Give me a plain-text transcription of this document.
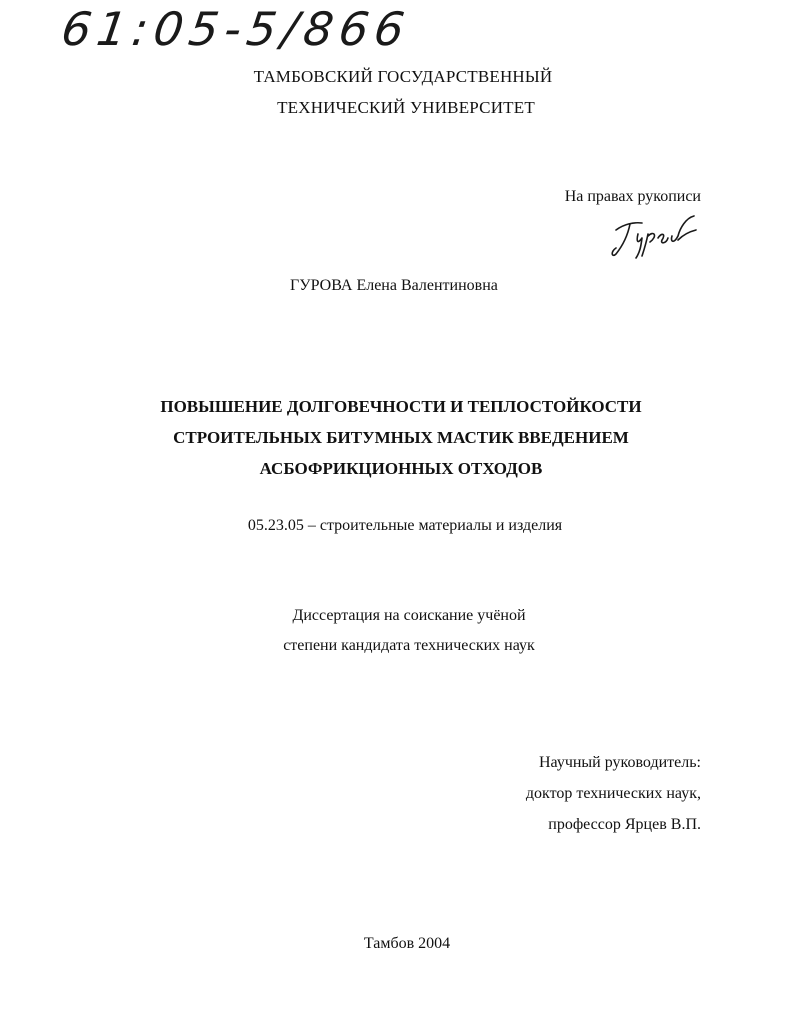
61:05-5/866
ТАМБОВСКИЙ ГОСУДАРСТВЕННЫЙ
ТЕХНИЧЕСКИЙ УНИВЕРСИТЕТ
На правах рукописи
ГУРОВА Елена Валентиновна
ПОВЫШЕНИЕ ДОЛГОВЕЧНОСТИ И ТЕПЛОСТОЙКОСТИ
СТРОИТЕЛЬНЫХ БИТУМНЫХ МАСТИК ВВЕДЕНИЕМ
АСБОФРИКЦИОННЫХ ОТХОДОВ
05.23.05 – строительные материалы и изделия
Диссертация на соискание учёной
степени кандидата технических наук
Научный руководитель:
доктор технических наук,
профессор Ярцев В.П.
Тамбов 2004
